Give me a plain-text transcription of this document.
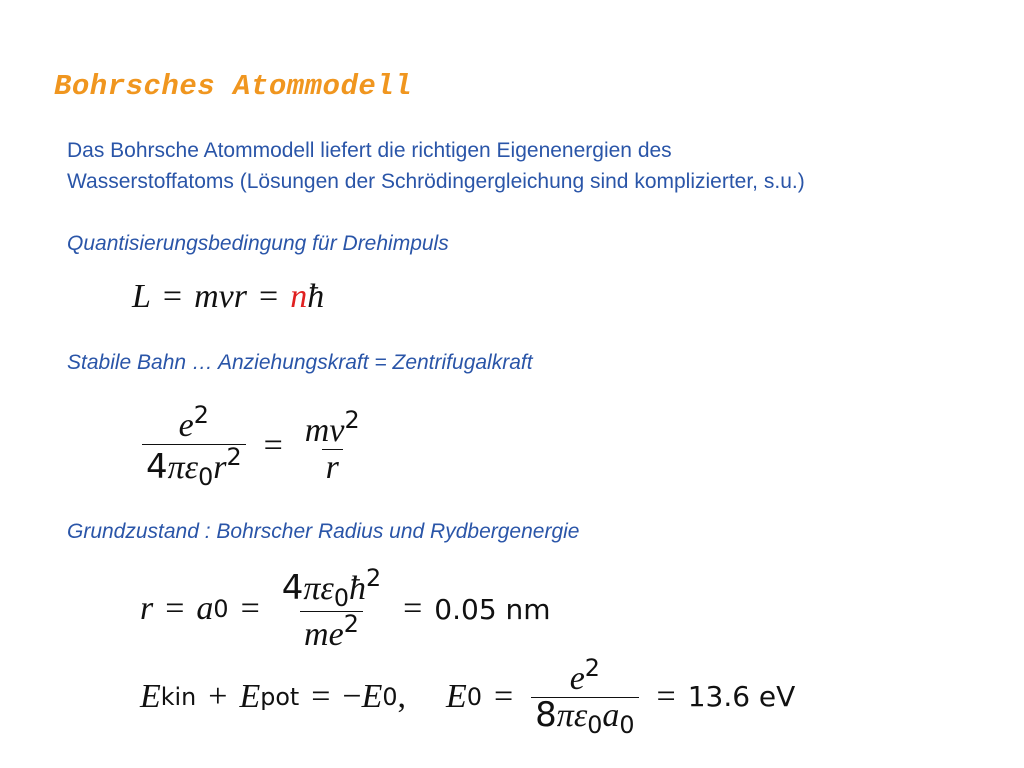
Bohrsches Atommodell
Das Bohrsche Atommodell liefert die richtigen Eigenenergien des
Wasserstoffatoms (Lösungen der Schrödingergleichung sind komplizierter, s.u.)
Quantisierungsbedingung für Drehimpuls
L = mvr = n ħ
Stabile Bahn … Anziehungskraft = Zentrifugalkraft
$\frac{e^2}{4\pi\varepsilon_0r^2} = \frac{mv^2}{r}$
Grundzustand : Bohrscher Radius und Rydbergenergie
r = a $0 = \frac{4\pi\varepsilon_0ħ^2}{me^2} = 0.05$ nm
E kin + E pot = − E 0 , E $0 = \frac{e^2}{8\pi\varepsilon_0a_0} = 13.6$ eV
